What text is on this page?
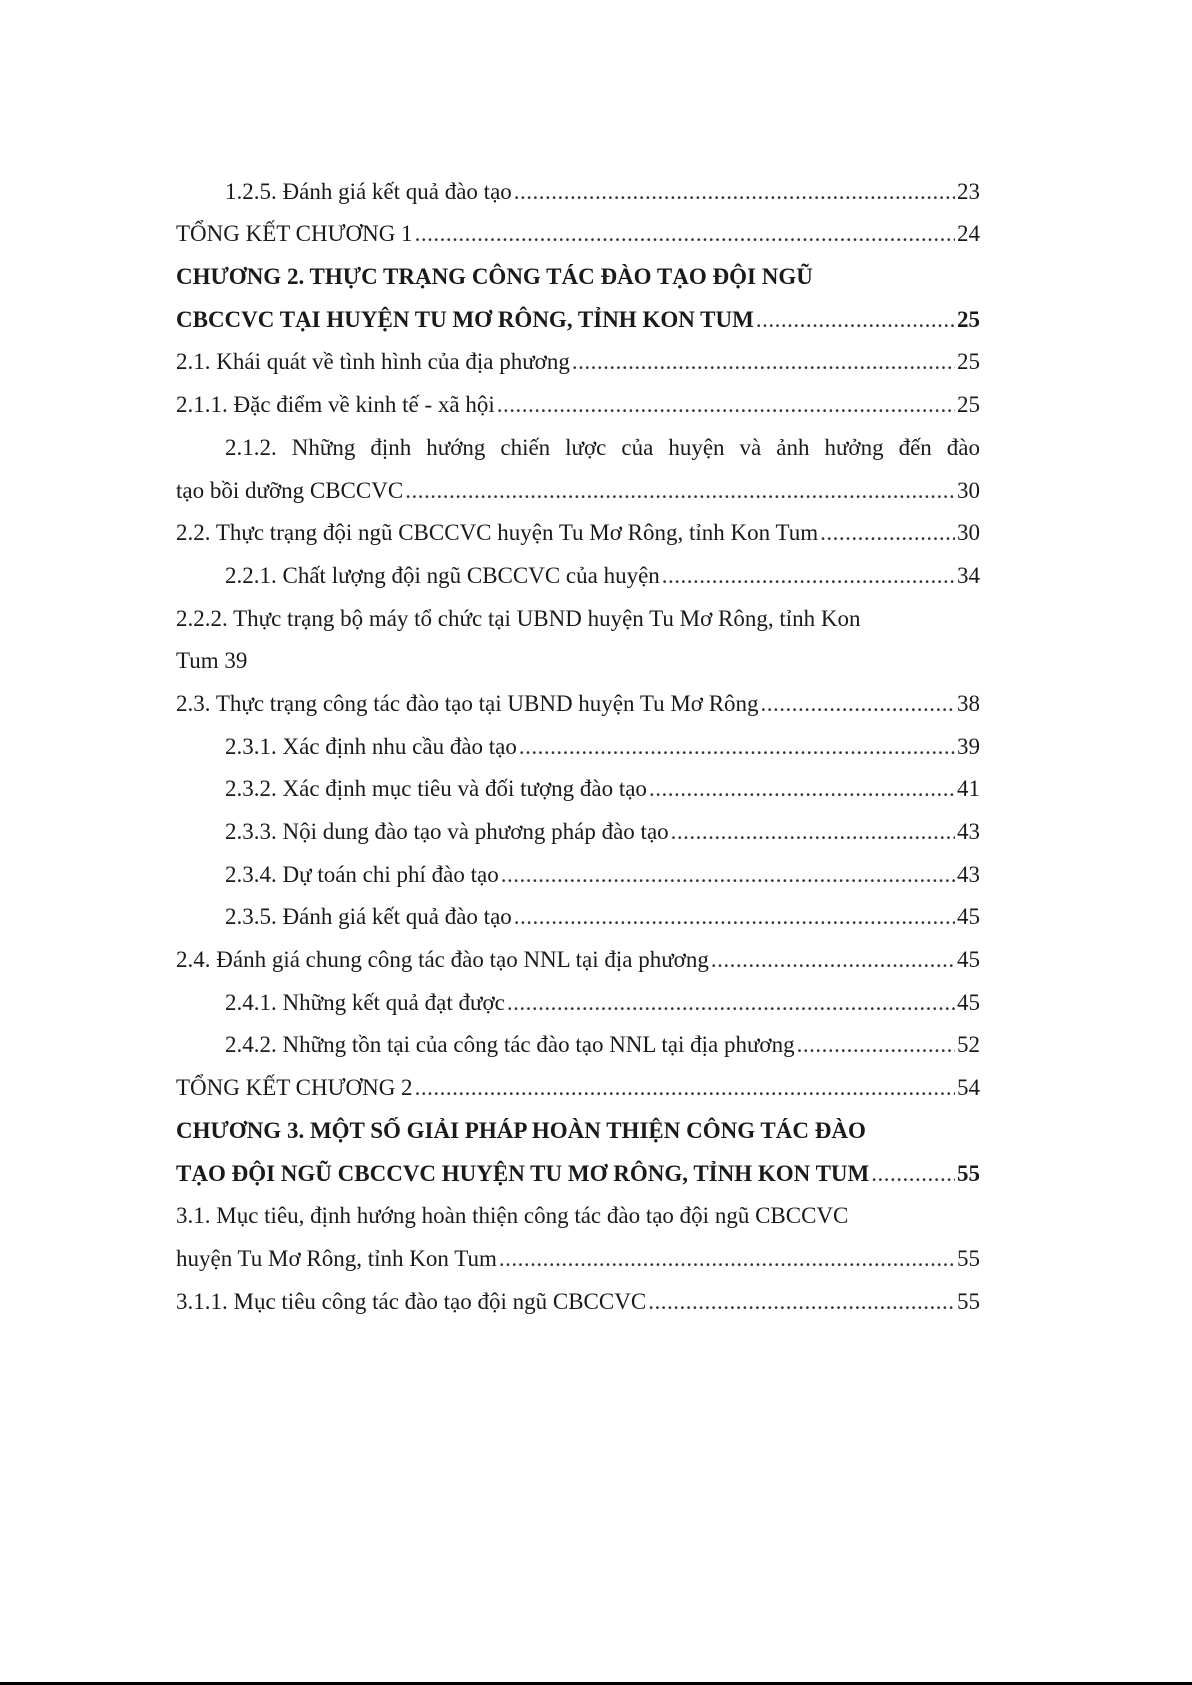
1.2.5. Đánh giá kết quả đào tạo .....	23
TỔNG KẾT CHƯƠNG 1 .....	24
CHƯƠNG 2. THỰC TRẠNG CÔNG TÁC ĐÀO TẠO ĐỘI NGŨ
CBCCVC TẠI HUYỆN TU MƠ RÔNG, TỈNH KON TUM .....	25
2.1. Khái quát về tình hình của địa phương .....	25
2.1.1. Đặc điểm về kinh tế - xã hội .....	25
2.1.2. Những định hướng chiến lược của huyện và ảnh hưởng đến đào
tạo bồi dưỡng CBCCVC .....	30
2.2. Thực trạng đội ngũ CBCCVC huyện Tu Mơ Rông, tỉnh Kon Tum .....	30
2.2.1. Chất lượng đội ngũ CBCCVC của huyện .....	34
2.2.2. Thực trạng bộ máy tổ chức tại UBND huyện Tu Mơ Rông, tỉnh Kon
Tum 39
2.3. Thực trạng công tác đào tạo tại UBND huyện Tu Mơ Rông .....	38
2.3.1. Xác định nhu cầu đào tạo .....	39
2.3.2. Xác định mục tiêu và đối tượng đào tạo .....	41
2.3.3. Nội dung đào tạo và phương pháp đào tạo .....	43
2.3.4. Dự toán chi phí đào tạo .....	43
2.3.5. Đánh giá kết quả đào tạo .....	45
2.4. Đánh giá chung công tác đào tạo NNL tại địa phương .....	45
2.4.1. Những kết quả đạt được .....	45
2.4.2. Những tồn tại của công tác đào tạo NNL tại địa phương .....	52
TỔNG KẾT CHƯƠNG 2 .....	54
CHƯƠNG 3. MỘT SỐ GIẢI PHÁP HOÀN THIỆN CÔNG TÁC ĐÀO
TẠO ĐỘI NGŨ CBCCVC HUYỆN TU MƠ RÔNG, TỈNH KON TUM .....	55
3.1. Mục tiêu, định hướng hoàn thiện công tác đào tạo đội ngũ CBCCVC
huyện Tu Mơ Rông, tỉnh Kon Tum .....	55
3.1.1. Mục tiêu công tác đào tạo đội ngũ CBCCVC .....	55
